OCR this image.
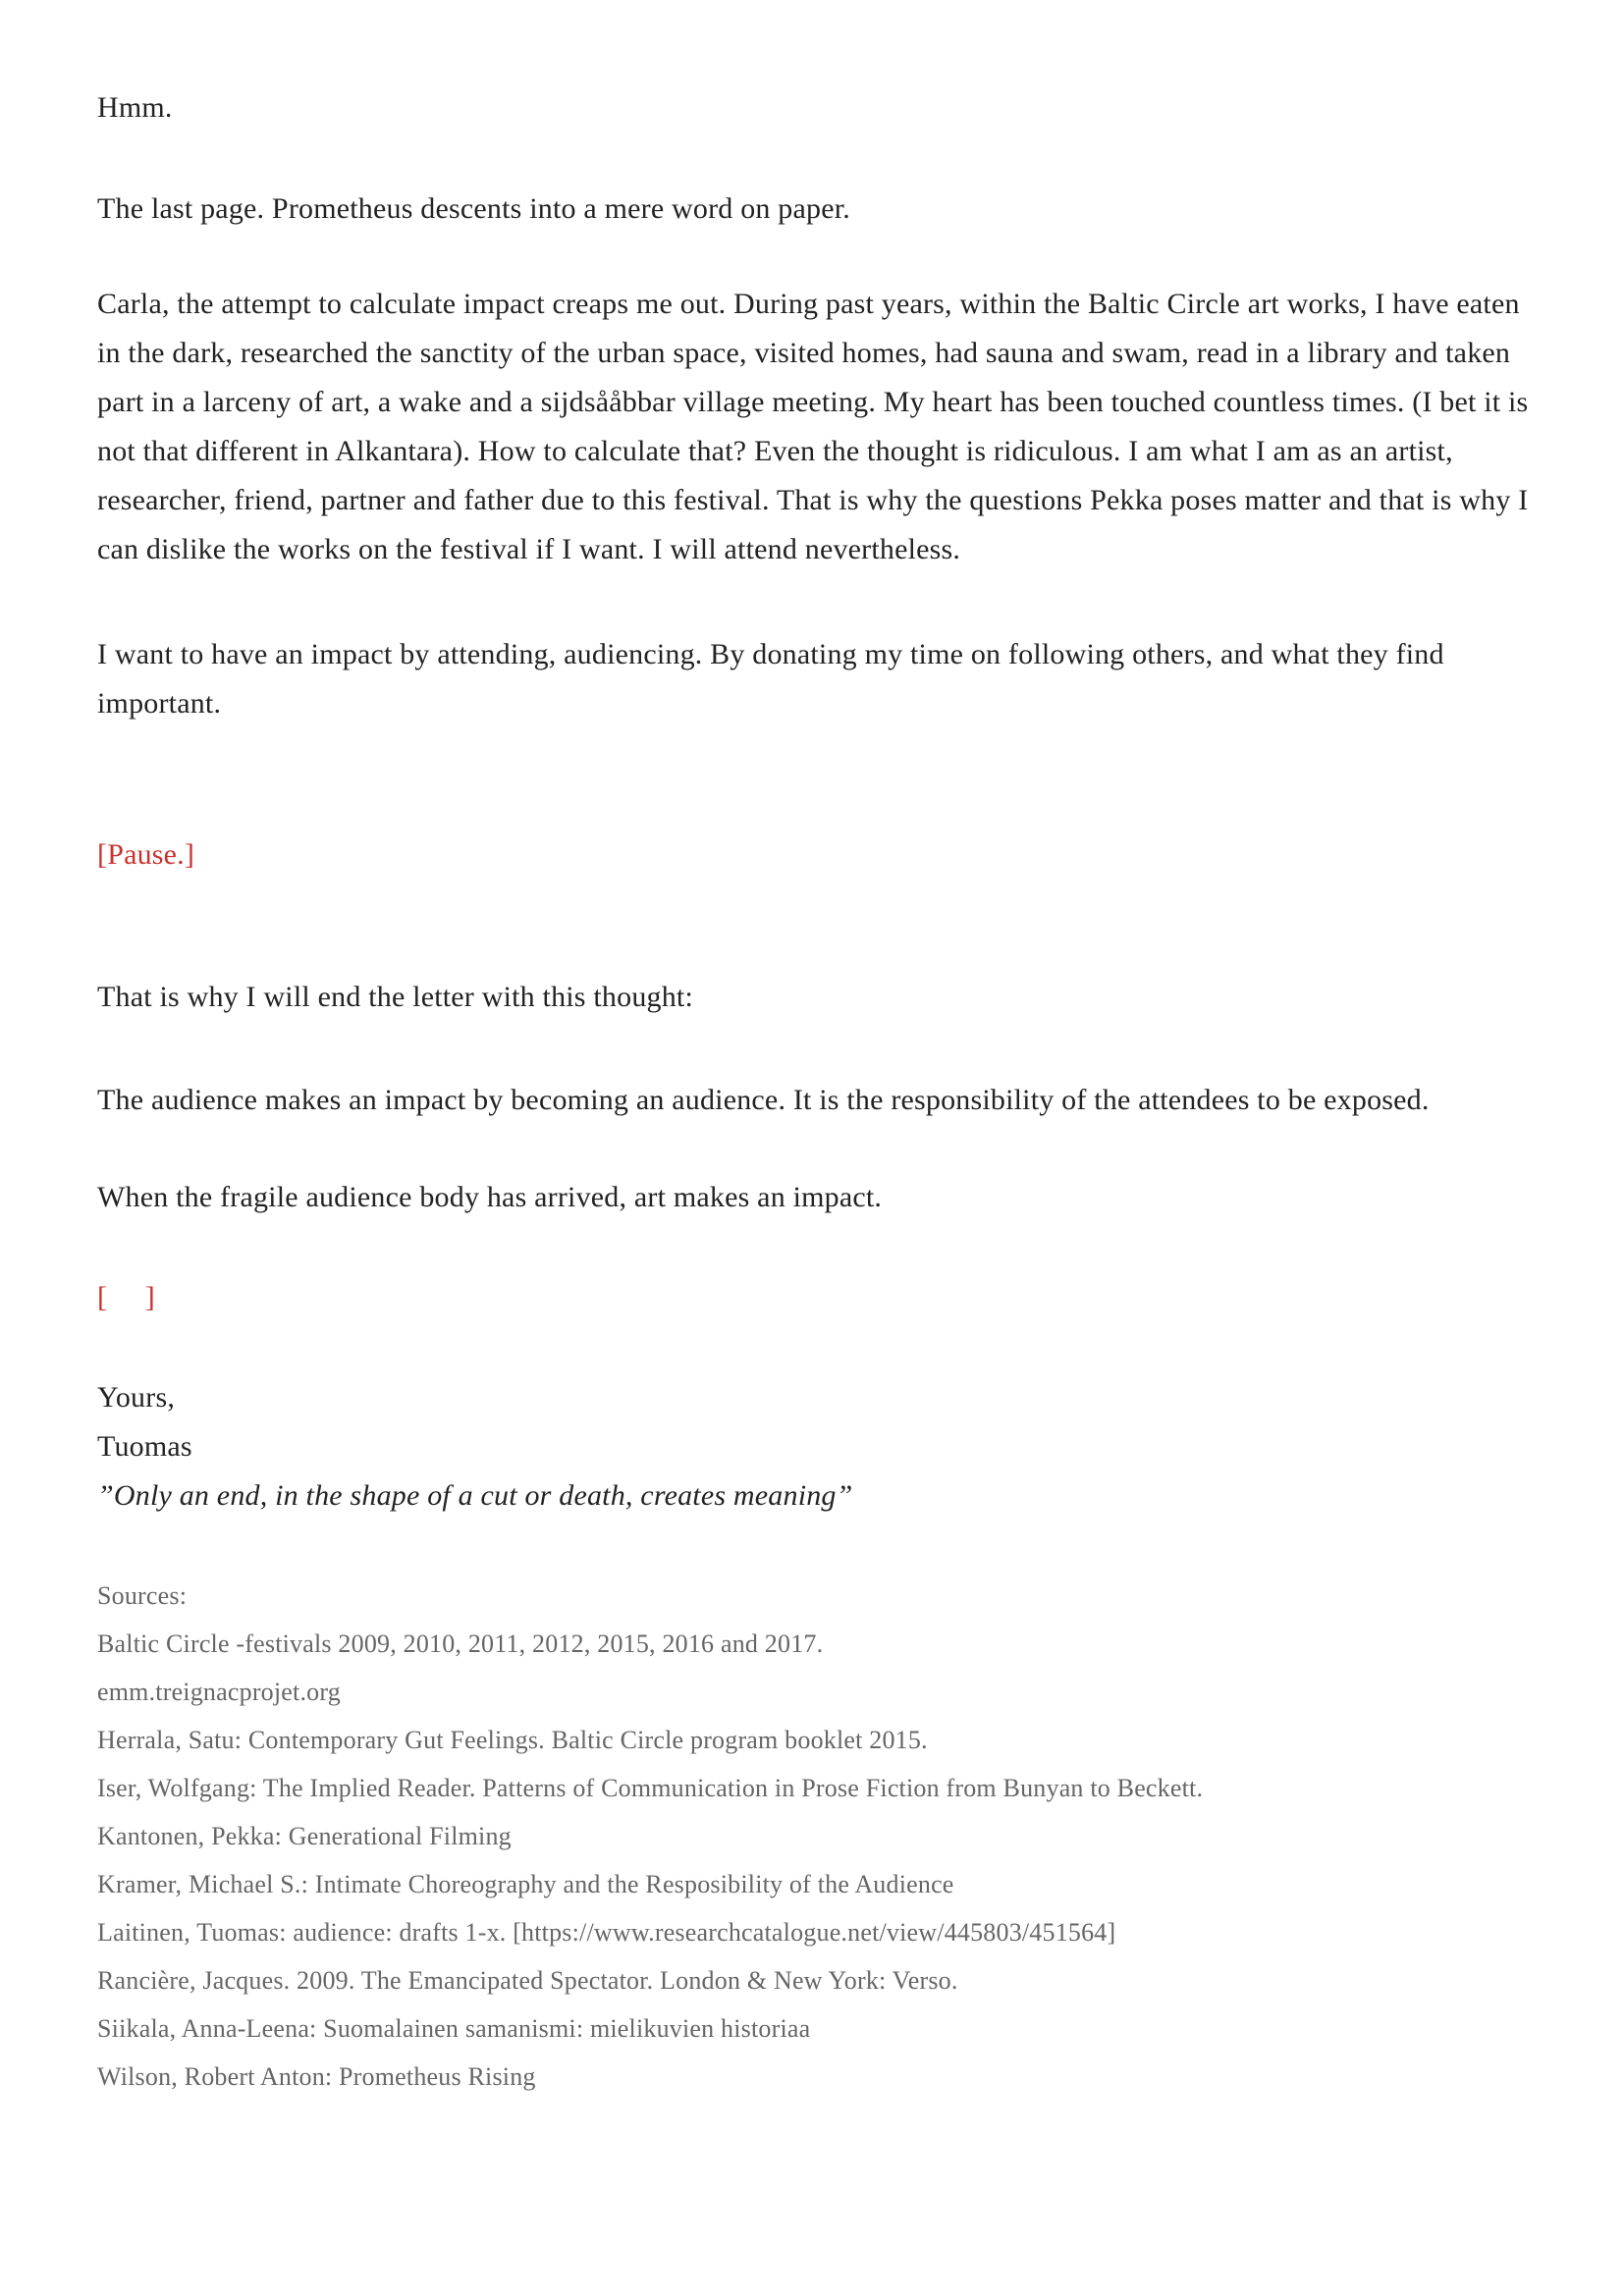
Hmm.

The last page. Prometheus descents into a mere word on paper.

Carla, the attempt to calculate impact creaps me out. During past years, within the Baltic Circle art works, I have eaten in the dark, researched the sanctity of the urban space, visited homes, had sauna and swam, read in a library and taken part in a larceny of art, a wake and a sijdsååbbar village meeting. My heart has been touched countless times. (I bet it is not that different in Alkantara). How to calculate that? Even the thought is ridiculous. I am what I am as an artist, researcher, friend, partner and father due to this festival. That is why the questions Pekka poses matter and that is why I can dislike the works on the festival if I want. I will attend nevertheless.

I want to have an impact by attending, audiencing. By donating my time on following others, and what they find important.

[Pause.]

That is why I will end the letter with this thought:

The audience makes an impact by becoming an audience. It is the responsibility of the attendees to be exposed.

When the fragile audience body has arrived, art makes an impact.

[     ]

Yours,
Tuomas
”Only an end, in the shape of a cut or death, creates meaning”

Sources:
Baltic Circle -festivals 2009, 2010, 2011, 2012, 2015, 2016 and 2017.
emm.treignacprojet.org
Herrala, Satu: Contemporary Gut Feelings. Baltic Circle program booklet 2015.
Iser, Wolfgang: The Implied Reader. Patterns of Communication in Prose Fiction from Bunyan to Beckett.
Kantonen, Pekka: Generational Filming
Kramer, Michael S.: Intimate Choreography and the Resposibility of the Audience
Laitinen, Tuomas: audience: drafts 1-x. [https://www.researchcatalogue.net/view/445803/451564]
Rancière, Jacques. 2009. The Emancipated Spectator. London & New York: Verso.
Siikala, Anna-Leena: Suomalainen samanismi: mielikuvien historiaa
Wilson, Robert Anton: Prometheus Rising
